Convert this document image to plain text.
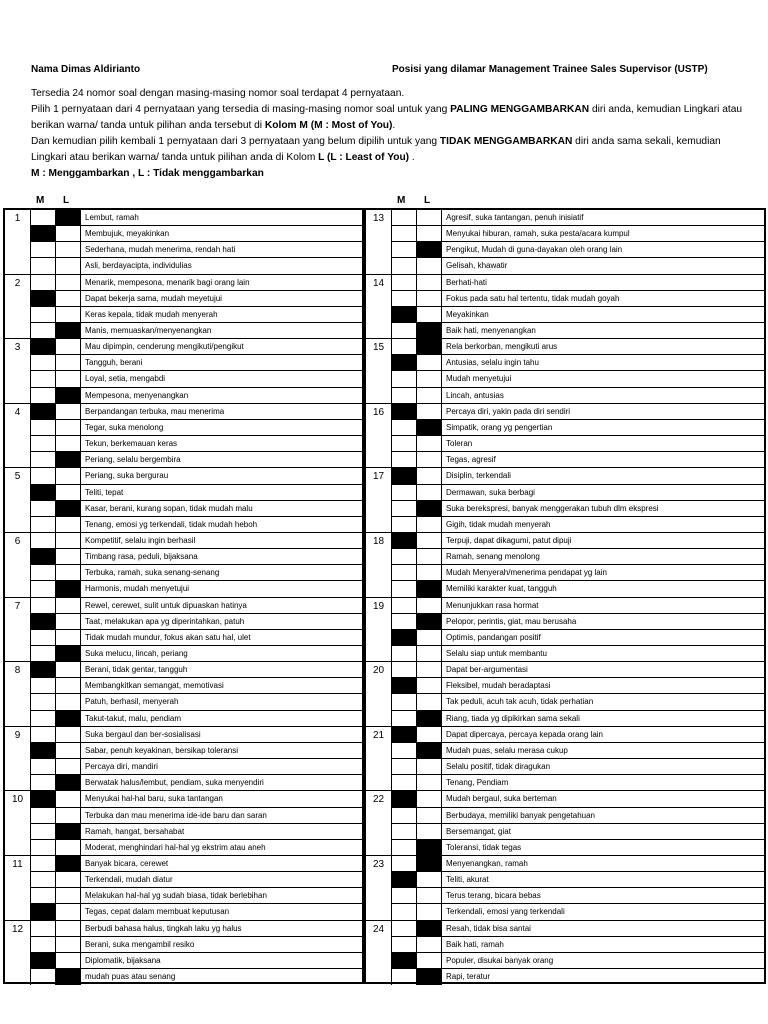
Nama Dimas Aldirianto	Posisi yang dilamar Management Trainee Sales Supervisor (USTP)

Tersedia 24 nomor soal dengan masing-masing nomor soal terdapat 4 pernyataan.

Pilih 1 pernyataan dari 4 pernyataan yang tersedia di masing-masing nomor soal untuk yang PALING MENGGAMBARKAN diri anda, kemudian Lingkari atau

berikan warna/ tanda untuk pilihan anda tersebut di Kolom M (M : Most of You).

Dan kemudian pilih kembali 1 pernyataan dari 3 pernyataan yang belum dipilih untuk yang TIDAK MENGGAMBARKAN diri anda sama sekali, kemudian

Lingkari atau berikan warna/ tanda untuk pilihan anda di Kolom L (L : Least of You) .

M : Menggambarkan , L : Tidak menggambarkan

M L	M L
1	Lembut, ramah
Membujuk, meyakinkan
Sederhana, mudah menerima, rendah hati
Asli, berdayacipta, individulias
2	Menarik, mempesona, menarik bagi orang lain
Dapat bekerja sama, mudah meyetujui
Keras kepala, tidak mudah menyerah
Manis, memuaskan/menyenangkan
3	Mau dipimpin, cenderung mengikuti/pengikut
Tangguh, berani
Loyal, setia, mengabdi
Mempesona, menyenangkan
4	Berpandangan terbuka, mau menerima
Tegar, suka menolong
Tekun, berkemauan keras
Periang, selalu bergembira
5	Periang, suka bergurau
Teliti, tepat
Kasar, berani, kurang sopan, tidak mudah malu
Tenang, emosi yg terkendali, tidak mudah heboh
6	Kompetitif, selalu ingin berhasil
Timbang rasa, peduli, bijaksana
Terbuka, ramah, suka senang-senang
Harmonis, mudah menyetujui
7	Rewel, cerewet, sulit untuk dipuaskan hatinya
Taat, melakukan apa yg diperintahkan, patuh
Tidak mudah mundur, fokus akan satu hal, ulet
Suka melucu, lincah, periang
8	Berani, tidak gentar, tangguh
Membangkitkan semangat, memotivasi
Patuh, berhasil, menyerah
Takut-takut, malu, pendiam
9	Suka bergaul dan ber-sosialisasi
Sabar, penuh keyakinan, bersikap toleransi
Percaya diri, mandiri
Berwatak halus/lembut, pendiam, suka menyendiri
10	Menyukai hal-hal baru, suka tantangan
Terbuka dan mau menerima ide-ide baru dan saran
Ramah, hangat, bersahabat
Moderat, menghindari hal-hal yg ekstrim atau aneh
11	Banyak bicara, cerewet
Terkendali, mudah diatur
Melakukan hal-hal yg sudah biasa, tidak berlebihan
Tegas, cepat dalam membuat keputusan
12	Berbudi bahasa halus, tingkah laku yg halus
Berani, suka mengambil resiko
Diplomatik, bijaksana
mudah puas atau senang
13	Agresif, suka tantangan, penuh inisiatif
Menyukai hiburan, ramah, suka pesta/acara kumpul
Pengikut, Mudah di guna-dayakan oleh orang lain
Gelisah, khawatir
14	Berhati-hati
Fokus pada satu hal tertentu, tidak mudah goyah
Meyakinkan
Baik hati, menyenangkan
15	Rela berkorban, mengikuti arus
Antusias, selalu ingin tahu
Mudah menyetujui
Lincah, antusias
16	Percaya diri, yakin pada diri sendiri
Simpatik, orang yg pengertian
Toleran
Tegas, agresif
17	Disiplin, terkendali
Dermawan, suka berbagi
Suka berekspresi, banyak menggerakan tubuh dlm ekspresi
Gigih, tidak mudah menyerah
18	Terpuji, dapat dikagumi, patut dipuji
Ramah, senang menolong
Mudah Menyerah/menerima pendapat yg lain
Memiliki karakter kuat, tangguh
19	Menunjukkan rasa hormat
Pelopor, perintis, giat, mau berusaha
Optimis, pandangan positif
Selalu siap untuk membantu
20	Dapat ber-argumentasi
Fleksibel, mudah beradaptasi
Tak peduli, acuh tak acuh, tidak perhatian
Riang, tiada yg dipikirkan sama sekali
21	Dapat dipercaya, percaya kepada orang lain
Mudah puas, selalu merasa cukup
Selalu positif, tidak diragukan
Tenang, Pendiam
22	Mudah bergaul, suka berteman
Berbudaya, memiliki banyak pengetahuan
Bersemangat, giat
Toleransi, tidak tegas
23	Menyenangkan, ramah
Teliti, akurat
Terus terang, bicara bebas
Terkendali, emosi yang terkendali
24	Resah, tidak bisa santai
Baik hati, ramah
Populer, disukai banyak orang
Rapi, teratur
